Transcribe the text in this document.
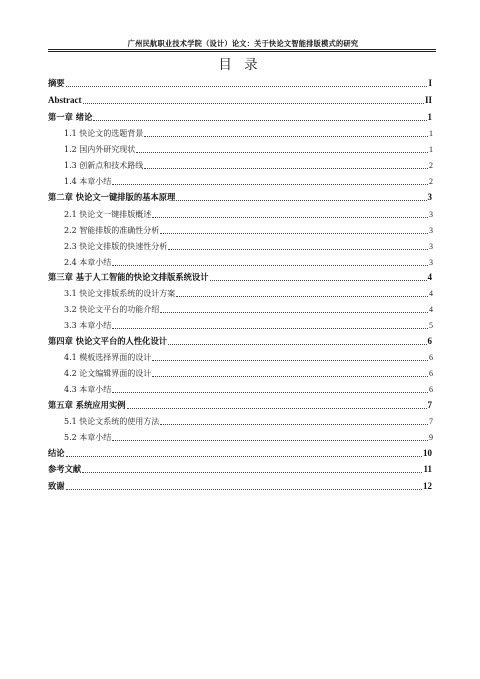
广州民航职业技术学院（设计）论文：关于快论文智能排版模式的研究
目 录
摘要	I
Abstract	II
第一章 绪论	1
1.1 快论文的选题背景	1
1.2 国内外研究现状	1
1.3 创新点和技术路线	2
1.4 本章小结	2
第二章 快论文一键排版的基本原理	3
2.1 快论文一键排版概述	3
2.2 智能排版的准确性分析	3
2.3 快论文排版的快速性分析	3
2.4 本章小结	3
第三章 基于人工智能的快论文排版系统设计	4
3.1 快论文排版系统的设计方案	4
3.2 快论文平台的功能介绍	4
3.3 本章小结	5
第四章 快论文平台的人性化设计	6
4.1 模板选择界面的设计	6
4.2 论文编辑界面的设计	6
4.3 本章小结	6
第五章 系统应用实例	7
5.1 快论文系统的使用方法	7
5.2 本章小结	9
结论	10
参考文献	11
致谢	12
